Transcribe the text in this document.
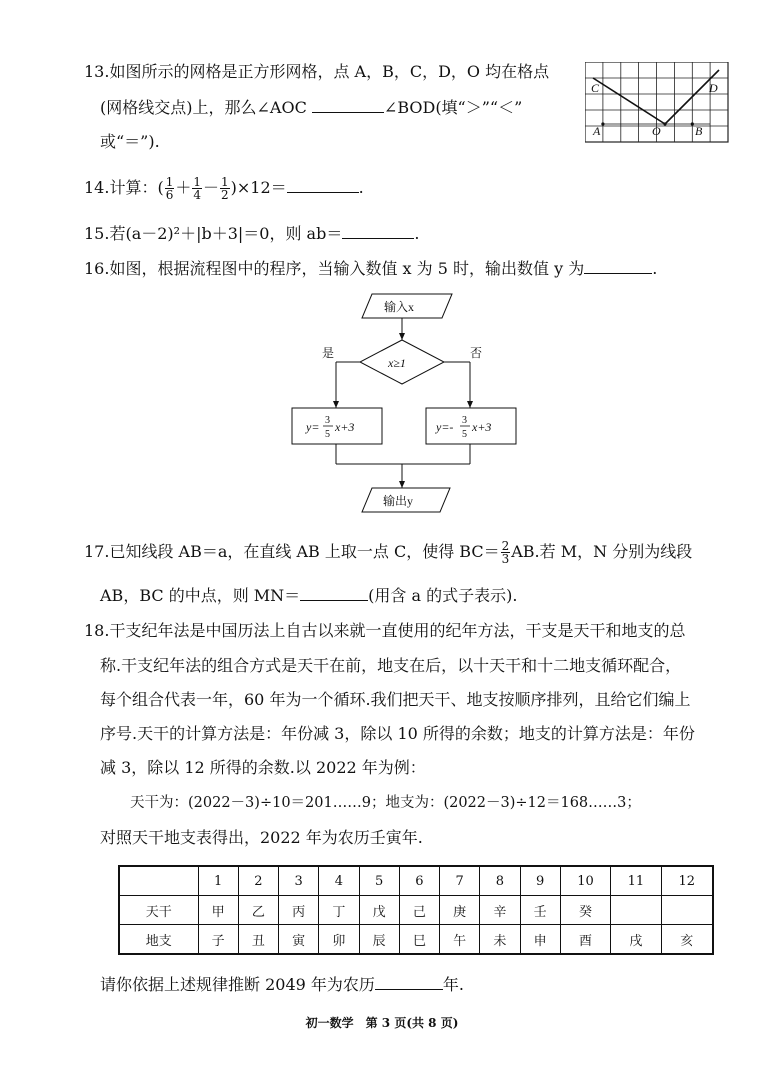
13.如图所示的网格是正方形网格，点 A，B，C，D，O 均在格点
(网格线交点)上，那么∠AOC	∠BOD(填“＞”“＜”
或“＝”).
C	D
A	O	B
14.计算：( $\frac{1}{6} + \frac{1}{4} - \frac{1}{2} )\times 12=$	.
15.若(a－2)²＋|b＋3|＝0，则 ab＝	.
16.如图，根据流程图中的程序，当输入数值 x 为 5 时，输出数值 y 为	.
输入x
x≥1
是	否
y= 3
5
x+3	y=- 3
5
x+3
输出y
17.已知线段 AB＝a，在直线 AB 上取一点 C，使得 $BC= \frac{2}{3}$ AB.若 M，N 分别为线段
AB，BC 的中点，则 MN＝	(用含 a 的式子表示).
18.干支纪年法是中国历法上自古以来就一直使用的纪年方法，干支是天干和地支的总
称.干支纪年法的组合方式是天干在前，地支在后，以十天干和十二地支循环配合，
每个组合代表一年，60 年为一个循环.我们把天干、地支按顺序排列，且给它们编上
序号.天干的计算方法是：年份减 3，除以 10 所得的余数；地支的计算方法是：年份
减 3，除以 12 所得的余数.以 2022 年为例：
天干为：(2022－3)÷10＝201……9；地支为：(2022－3)÷12＝168……3；
对照天干地支表得出，2022 年为农历壬寅年.
	1	2	3	4	5	6	7	8	9	10	11	12
天干	甲	乙	丙	丁	戊	己	庚	辛	壬	癸		
地支	子	丑	寅	卯	辰	巳	午	未	申	酉	戌	亥
请你依据上述规律推断 2049 年为农历	年.
初一数学　第 3 页(共 8 页)
